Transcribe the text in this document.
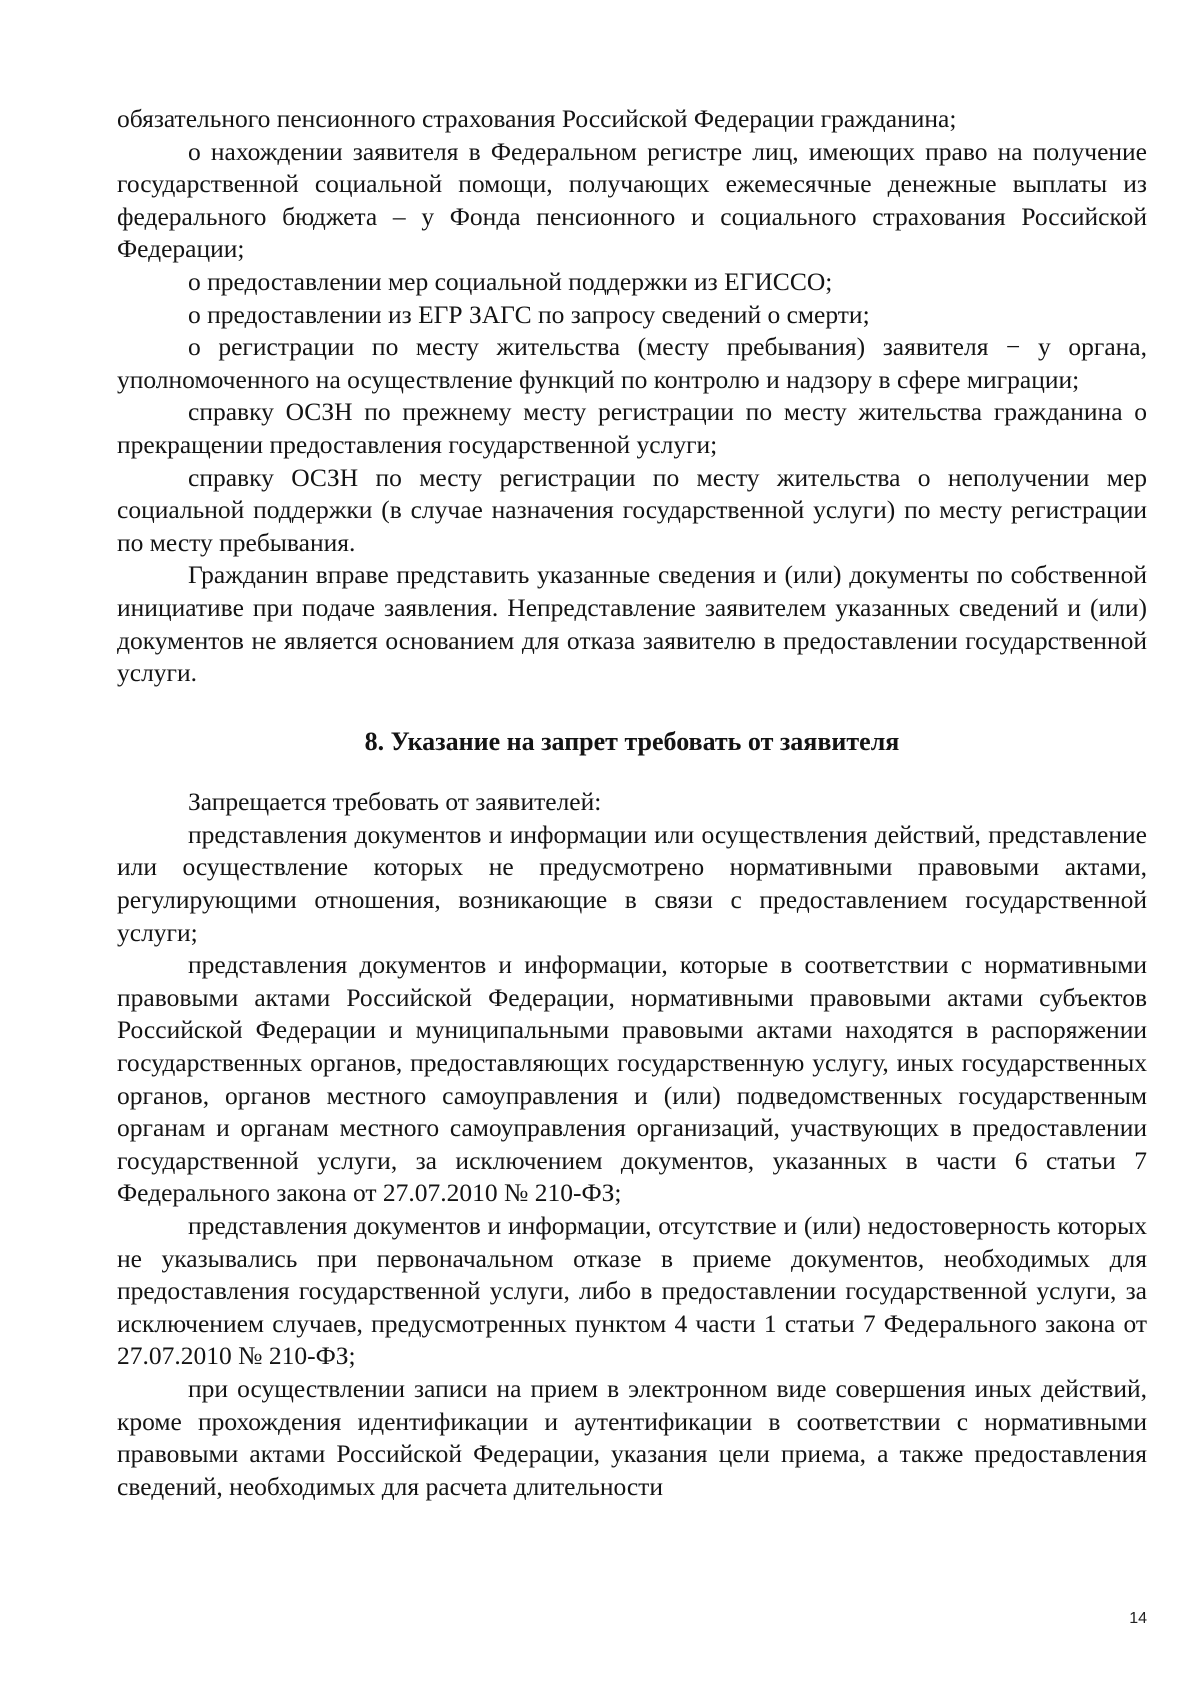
обязательного пенсионного страхования Российской Федерации гражданина;

о нахождении заявителя в Федеральном регистре лиц, имеющих право на получение государственной социальной помощи, получающих ежемесячные денежные выплаты из федерального бюджета – у Фонда пенсионного и социального страхования Российской Федерации;

о предоставлении мер социальной поддержки из ЕГИССО;

о предоставлении из ЕГР ЗАГС по запросу сведений о смерти;

о регистрации по месту жительства (месту пребывания) заявителя − у органа, уполномоченного на осуществление функций по контролю и надзору в сфере миграции;

справку ОСЗН по прежнему месту регистрации по месту жительства гражданина о прекращении предоставления государственной услуги;

справку ОСЗН по месту регистрации по месту жительства о неполучении мер социальной поддержки (в случае назначения государственной услуги) по месту регистрации по месту пребывания.

Гражданин вправе представить указанные сведения и (или) документы по собственной инициативе при подаче заявления. Непредставление заявителем указанных сведений и (или) документов не является основанием для отказа заявителю в предоставлении государственной услуги.

8. Указание на запрет требовать от заявителя

Запрещается требовать от заявителей:

представления документов и информации или осуществления действий, представление или осуществление которых не предусмотрено нормативными правовыми актами, регулирующими отношения, возникающие в связи с предоставлением государственной услуги;

представления документов и информации, которые в соответствии с нормативными правовыми актами Российской Федерации, нормативными правовыми актами субъектов Российской Федерации и муниципальными правовыми актами находятся в распоряжении государственных органов, предоставляющих государственную услугу, иных государственных органов, органов местного самоуправления и (или) подведомственных государственным органам и органам местного самоуправления организаций, участвующих в предоставлении государственной услуги, за исключением документов, указанных в части 6 статьи 7 Федерального закона от 27.07.2010 № 210-ФЗ;

представления документов и информации, отсутствие и (или) недостоверность которых не указывались при первоначальном отказе в приеме документов, необходимых для предоставления государственной услуги, либо в предоставлении государственной услуги, за исключением случаев, предусмотренных пунктом 4 части 1 статьи 7 Федерального закона от 27.07.2010 № 210-ФЗ;

при осуществлении записи на прием в электронном виде совершения иных действий, кроме прохождения идентификации и аутентификации в соответствии с нормативными правовыми актами Российской Федерации, указания цели приема, а также предоставления сведений, необходимых для расчета длительности

14
